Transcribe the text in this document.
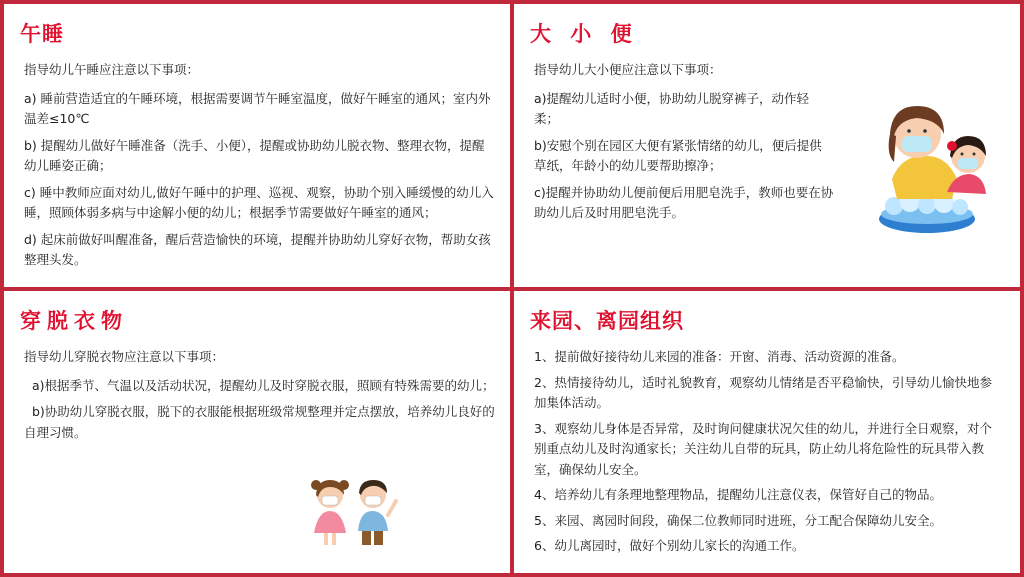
午睡

指导幼儿午睡应注意以下事项：

a) 睡前营造适宜的午睡环境，根据需要调节午睡室温度，做好午睡室的通风；室内外温差≤10℃

b) 提醒幼儿做好午睡准备（洗手、小便），提醒或协助幼儿脱衣物、整理衣物，提醒幼儿睡姿正确；

c) 睡中教师应面对幼儿,做好午睡中的护理、巡视、观察，协助个别入睡缓慢的幼儿入睡，照顾体弱多病与中途解小便的幼儿；根据季节需要做好午睡室的通风；

d) 起床前做好叫醒准备，醒后营造愉快的环境，提醒并协助幼儿穿好衣物，帮助女孩整理头发。

大 小 便

指导幼儿大小便应注意以下事项：

a)提醒幼儿适时小便，协助幼儿脱穿裤子，动作轻柔；

b)安慰个别在园区大便有紧张情绪的幼儿，便后提供草纸，年龄小的幼儿要帮助擦净；

c)提醒并协助幼儿便前便后用肥皂洗手，教师也要在协助幼儿后及时用肥皂洗手。

穿脱衣物

指导幼儿穿脱衣物应注意以下事项：

a)根据季节、气温以及活动状况，提醒幼儿及时穿脱衣服，照顾有特殊需要的幼儿；

b)协助幼儿穿脱衣服，脱下的衣服能根据班级常规整理并定点摆放，培养幼儿良好的自理习惯。

来园、离园组织

1、提前做好接待幼儿来园的准备：开窗、消毒、活动资源的准备。

2、热情接待幼儿，适时礼貌教育，观察幼儿情绪是否平稳愉快，引导幼儿愉快地参加集体活动。

3、观察幼儿身体是否异常，及时询问健康状况欠佳的幼儿，并进行全日观察，对个别重点幼儿及时沟通家长；关注幼儿自带的玩具，防止幼儿将危险性的玩具带入教室，确保幼儿安全。

4、培养幼儿有条理地整理物品，提醒幼儿注意仪表，保管好自己的物品。

5、来园、离园时间段，确保二位教师同时进班，分工配合保障幼儿安全。

6、幼儿离园时，做好个别幼儿家长的沟通工作。
